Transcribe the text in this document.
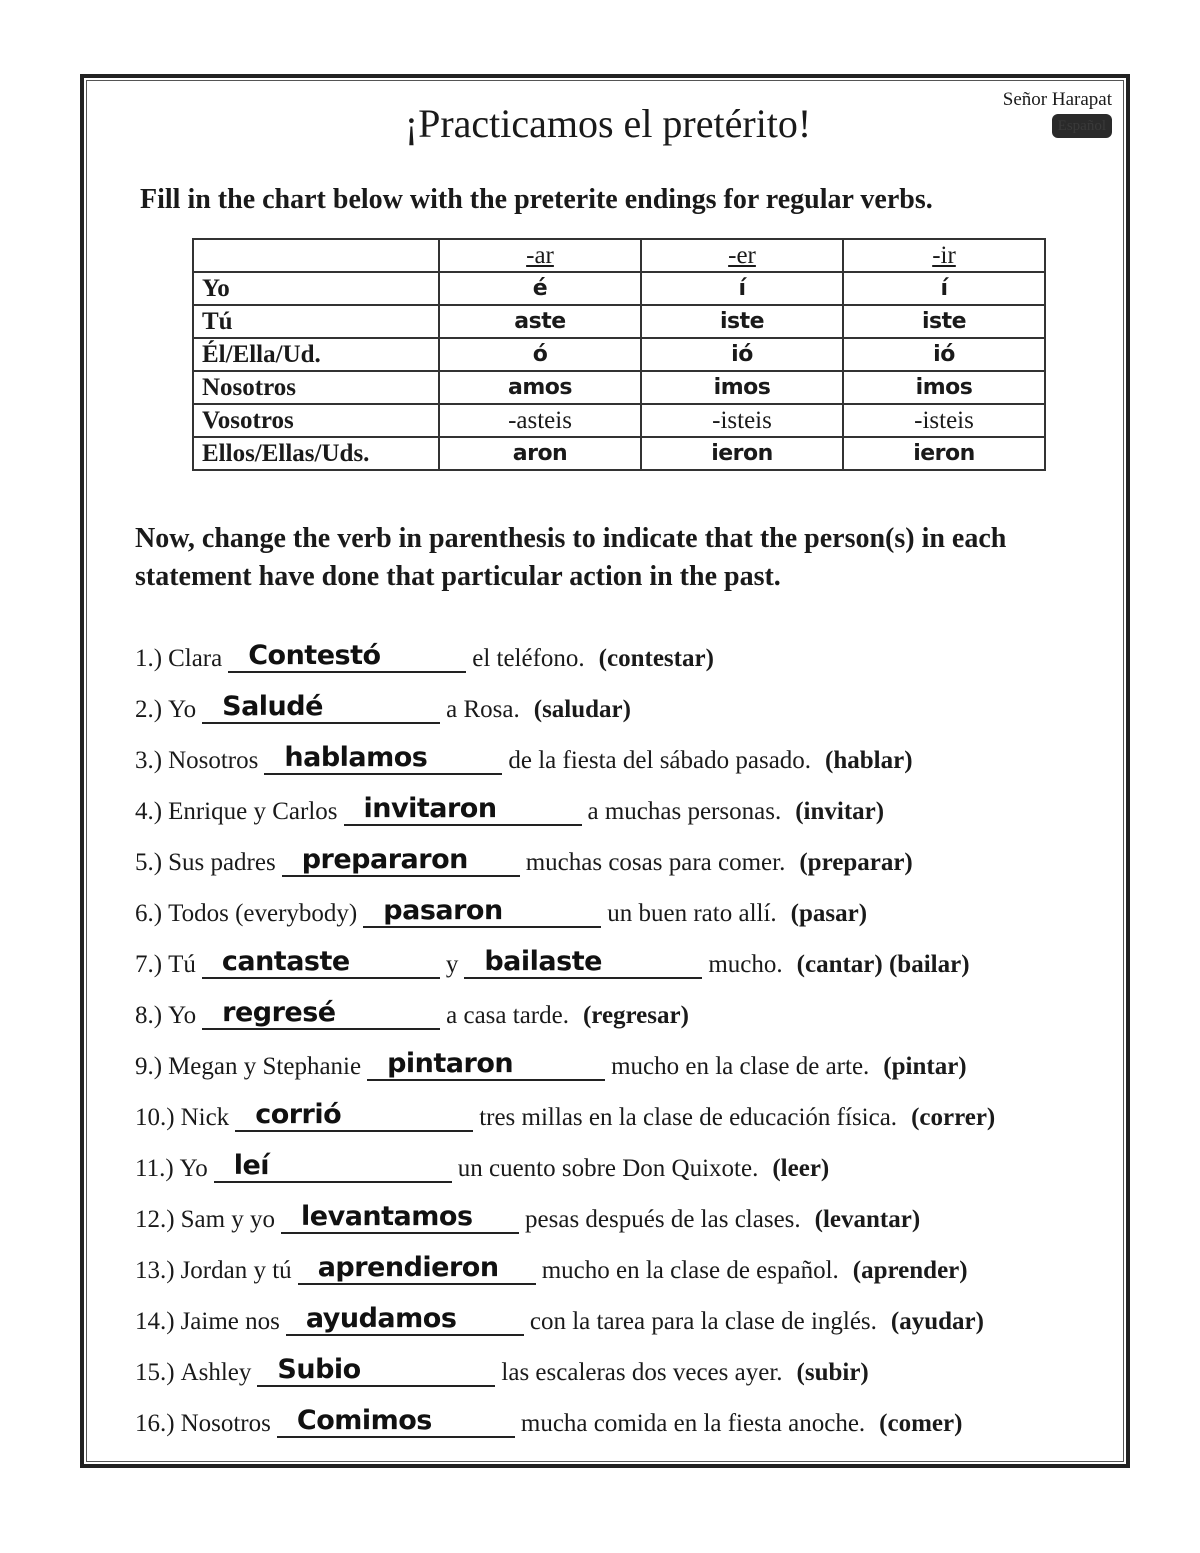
Señor Harapat
Español
¡Practicamos el pretérito!
Fill in the chart below with the preterite endings for regular verbs.
	-ar	-er	-ir
Yo	é	í	í
Tú	aste	iste	iste
Él/Ella/Ud.	ó	ió	ió
Nosotros	amos	imos	imos
Vosotros	-asteis	-isteis	-isteis
Ellos/Ellas/Uds.	aron	ieron	ieron
Now, change the verb in parenthesis to indicate that the person(s) in each statement have done that particular action in the past.
1.) Clara Contestó	el teléfono. (contestar)
2.) Yo Saludé	a Rosa. (saludar)
3.) Nosotros hablamos	de la fiesta del sábado pasado. (hablar)
4.) Enrique y Carlos invitaron	a muchas personas. (invitar)
5.) Sus padres prepararon muchas cosas para comer. (preparar)
6.) Todos (everybody) pasaron	un buen rato allí. (pasar)
7.) Tú cantaste	y bailaste	mucho. (cantar) (bailar)
8.) Yo regresé	a casa tarde. (regresar)
9.) Megan y Stephanie pintaron	mucho en la clase de arte. (pintar)
10.) Nick corrió	tres millas en la clase de educación física. (correr)
11.) Yo leí	un cuento sobre Don Quixote. (leer)
12.) Sam y yo levantamos pesas después de las clases. (levantar)
13.) Jordan y tú aprendieron mucho en la clase de español. (aprender)
14.) Jaime nos ayudamos	con la tarea para la clase de inglés. (ayudar)
15.) Ashley Subio	las escaleras dos veces ayer. (subir)
16.) Nosotros Comimos	mucha comida en la fiesta anoche. (comer)
